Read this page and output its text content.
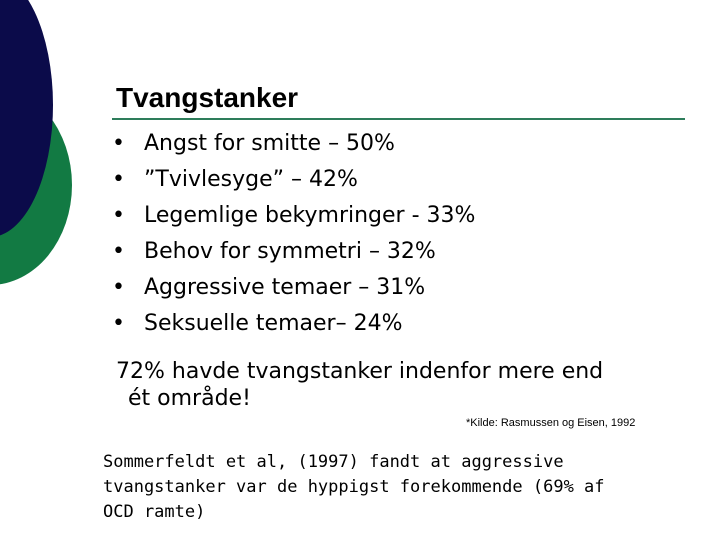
Tvangstanker
• Angst for smitte – 50%
• ”Tvivlesyge” – 42%
• Legemlige bekymringer - 33%
• Behov for symmetri – 32%
• Aggressive temaer – 31%
• Seksuelle temaer– 24%
72% havde tvangstanker indenfor mere end
ét område!
*Kilde: Rasmussen og Eisen, 1992
Sommerfeldt et al, (1997) fandt at aggressive
tvangstanker var de hyppigst forekommende (69% af
OCD ramte)
